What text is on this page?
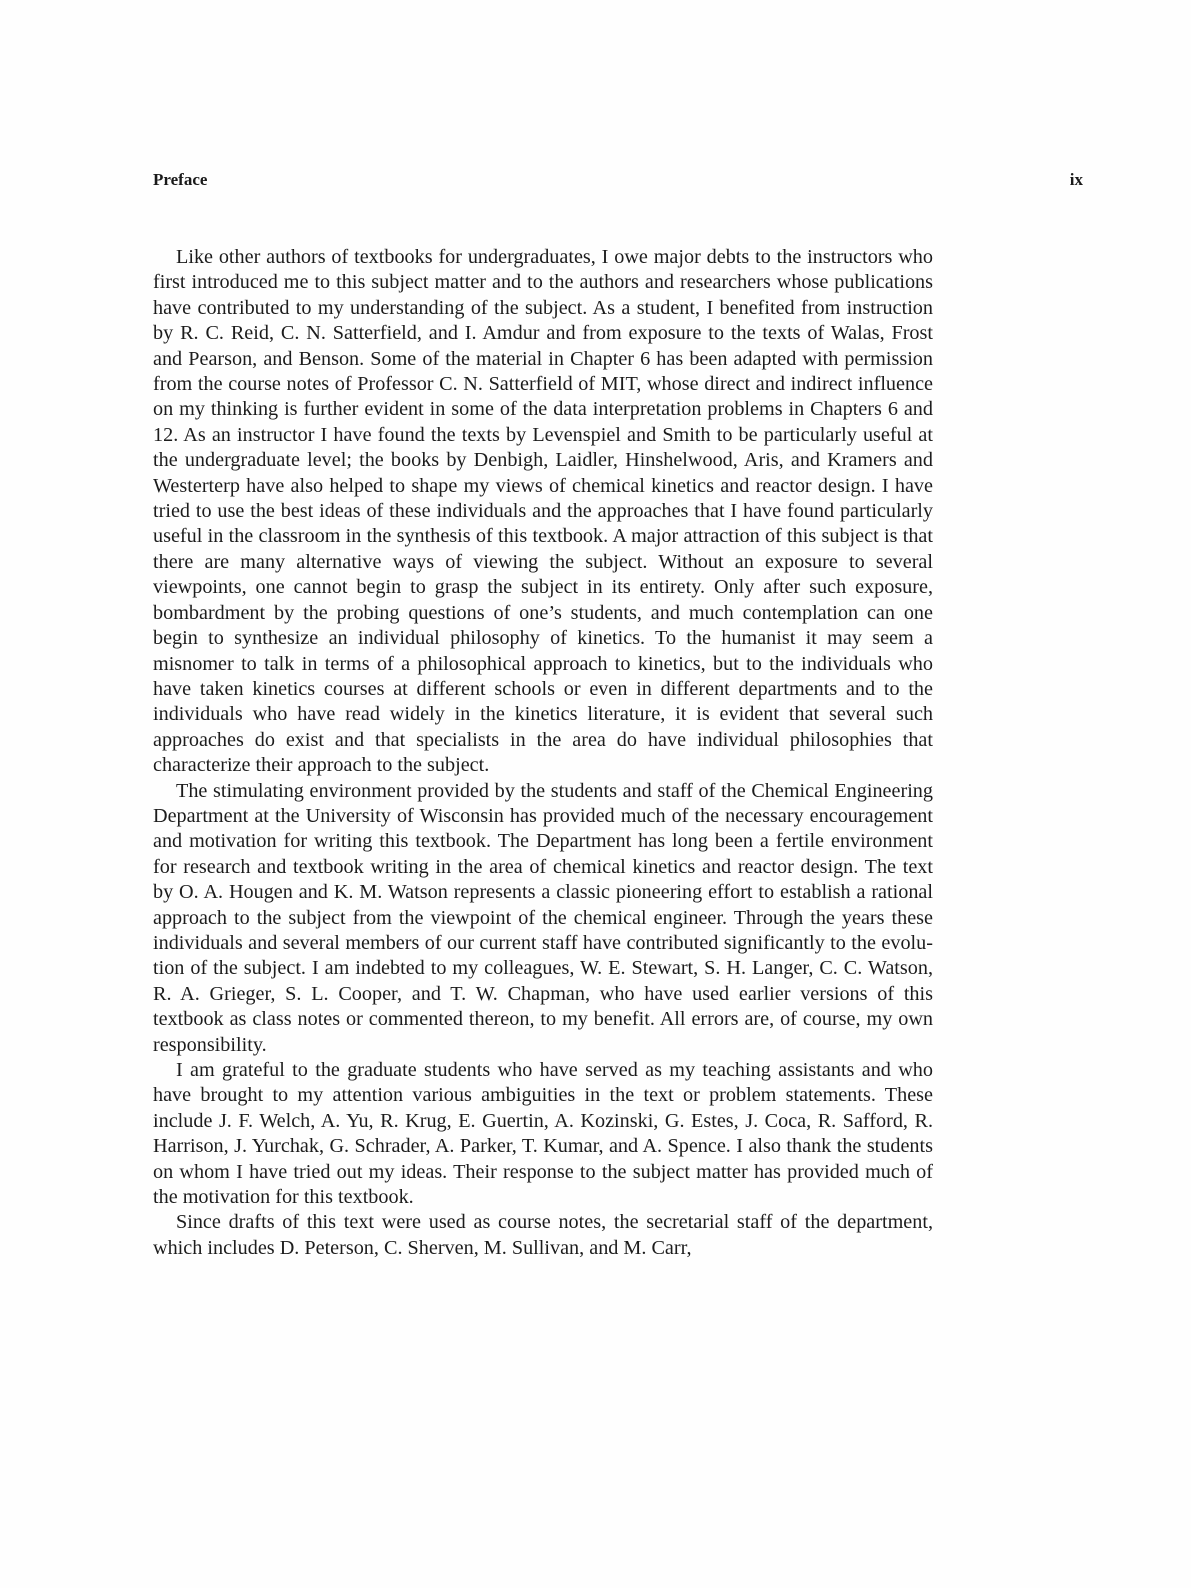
Preface	ix

Like other authors of textbooks for undergraduates, I owe major debts to the instructors who first introduced me to this subject matter and to the authors and researchers whose publications have contributed to my understanding of the subject. As a student, I benefited from instruction by R. C. Reid, C. N. Satterfield, and I. Amdur and from exposure to the texts of Walas, Frost and Pearson, and Benson. Some of the material in Chapter 6 has been adapted with permission from the course notes of Professor C. N. Satterfield of MIT, whose direct and indirect influence on my thinking is further evident in some of the data interpretation problems in Chapters 6 and 12. As an instructor I have found the texts by Levenspiel and Smith to be particularly useful at the undergraduate level; the books by Denbigh, Laidler, Hinshelwood, Aris, and Kramers and Westerterp have also helped to shape my views of chemical kinetics and reactor design. I have tried to use the best ideas of these individuals and the approaches that I have found particularly useful in the classroom in the synthesis of this textbook. A major attraction of this subject is that there are many alternative ways of viewing the subject. Without an exposure to several viewpoints, one cannot begin to grasp the subject in its entirety. Only after such exposure, bombardment by the probing questions of one’s students, and much contemplation can one begin to synthesize an individual philosophy of kinetics. To the humanist it may seem a misnomer to talk in terms of a philosophical approach to kinetics, but to the individuals who have taken kinetics courses at different schools or even in different departments and to the individuals who have read widely in the kinetics literature, it is evident that several such approaches do exist and that specialists in the area do have individual philosophies that characterize their approach to the subject.

The stimulating environment provided by the students and staff of the Chemical Engineering Department at the University of Wisconsin has provided much of the necessary encouragement and motivation for writing this textbook. The Department has long been a fertile environment for research and textbook writing in the area of chemical kinetics and reactor design. The text by O. A. Hougen and K. M. Watson represents a classic pioneering effort to establish a rational approach to the subject from the viewpoint of the chemical engineer. Through the years these individuals and several members of our current staff have contributed significantly to the evolution of the subject. I am indebted to my colleagues, W. E. Stewart, S. H. Langer, C. C. Watson, R. A. Grieger, S. L. Cooper, and T. W. Chapman, who have used earlier versions of this textbook as class notes or commented thereon, to my benefit. All errors are, of course, my own responsibility.

I am grateful to the graduate students who have served as my teaching assistants and who have brought to my attention various ambiguities in the text or problem statements. These include J. F. Welch, A. Yu, R. Krug, E. Guertin, A. Kozinski, G. Estes, J. Coca, R. Safford, R. Harrison, J. Yurchak, G. Schrader, A. Parker, T. Kumar, and A. Spence. I also thank the students on whom I have tried out my ideas. Their response to the subject matter has provided much of the motivation for this textbook.

Since drafts of this text were used as course notes, the secretarial staff of the department, which includes D. Peterson, C. Sherven, M. Sullivan, and M. Carr,
